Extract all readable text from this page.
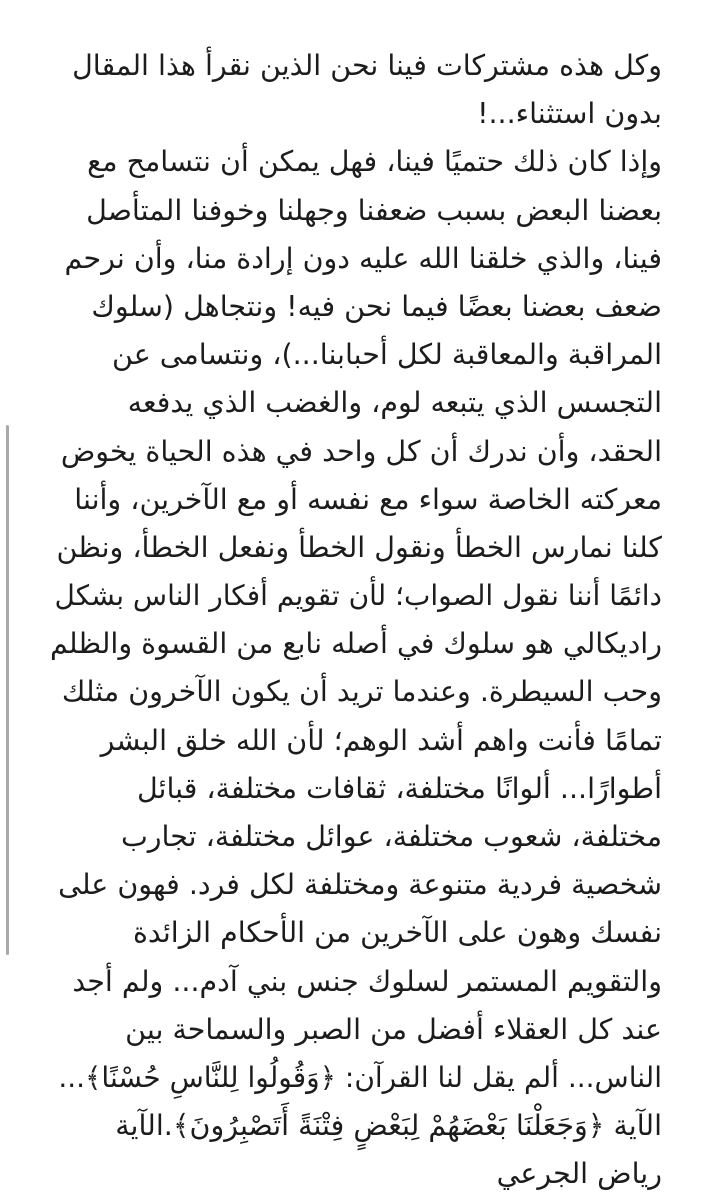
وكل هذه مشتركات فينا نحن الذين نقرأ هذا المقال
بدون استثناء...!
وإذا كان ذلك حتميًا فينا، فهل يمكن أن نتسامح مع
بعضنا البعض بسبب ضعفنا وجهلنا وخوفنا المتأصل
فينا، والذي خلقنا الله عليه دون إرادة منا، وأن نرحم
ضعف بعضنا بعضًا فيما نحن فيه! ونتجاهل (سلوك
المراقبة والمعاقبة لكل أحبابنا...)، ونتسامى عن
التجسس الذي يتبعه لوم، والغضب الذي يدفعه
الحقد، وأن ندرك أن كل واحد في هذه الحياة يخوض
معركته الخاصة سواء مع نفسه أو مع الآخرين، وأننا
كلنا نمارس الخطأ ونقول الخطأ ونفعل الخطأ، ونظن
دائمًا أننا نقول الصواب؛ لأن تقويم أفكار الناس بشكل
راديكالي هو سلوك في أصله نابع من القسوة والظلم
وحب السيطرة. وعندما تريد أن يكون الآخرون مثلك
تمامًا فأنت واهم أشد الوهم؛ لأن الله خلق البشر
أطوارًا... ألوانًا مختلفة، ثقافات مختلفة، قبائل
مختلفة، شعوب مختلفة، عوائل مختلفة، تجارب
شخصية فردية متنوعة ومختلفة لكل فرد. فهون على
نفسك وهون على الآخرين من الأحكام الزائدة
والتقويم المستمر لسلوك جنس بني آدم... ولم أجد
عند كل العقلاء أفضل من الصبر والسماحة بين
الناس... ألم يقل لنا القرآن: ﴿وَقُولُوا لِلنَّاسِ حُسْنًا﴾...
الآية ﴿وَجَعَلْنَا بَعْضَهُمْ لِبَعْضٍ فِتْنَةً أَتَصْبِرُونَ﴾.الآية
رياض الجرعي
